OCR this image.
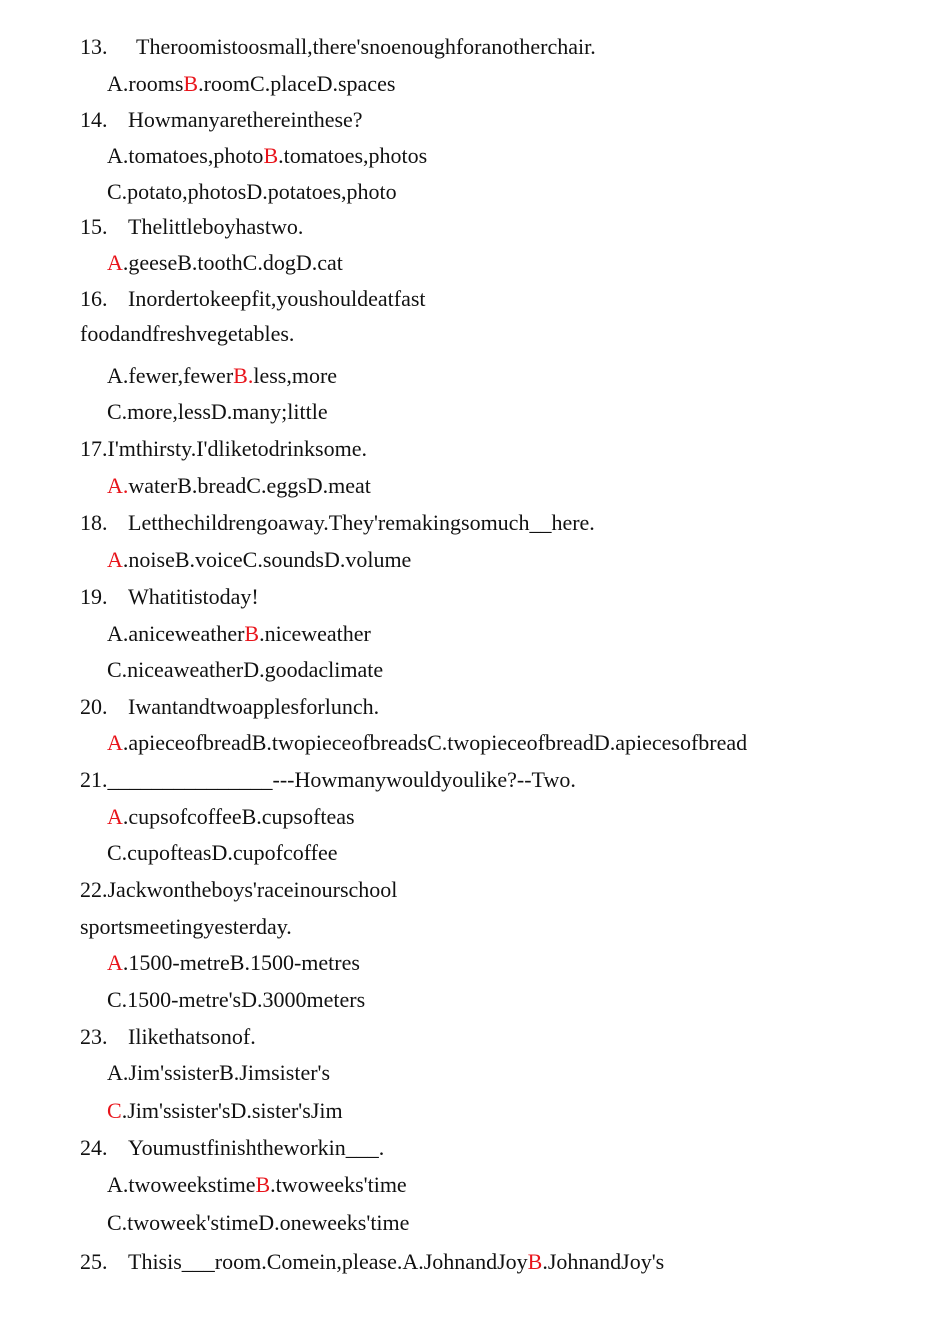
13. Theroomistoosmall,there'snoenoughforanotherchair.
A.roomsB.roomC.placeD.spaces
14. Howmanyarethereinthese?
A.tomatoes,photoB.tomatoes,photos
C.potato,photosD.potatoes,photo
15. Thelittleboyhastwo.
A.geeseB.toothC.dogD.cat
16. Inordertokeepfit,youshouldeatfast
foodandfreshvegetables.
A.fewer,fewerB.less,more
C.more,lessD.many;little
17.I'mthirsty.I'dliketodrinksome.
A.waterB.breadC.eggsD.meat
18. Letthechildrengoaway.They'remakingsomuch__here.
A.noiseB.voiceC.soundsD.volume
19. Whatitistoday!
A.aniceweatherB.niceweather
C.niceaweatherD.goodaclimate
20. Iwantandtwoapplesforlunch.
A.apieceofbreadB.twopieceofbreadsC.twopieceofbreadD.apiecesofbread
21._______________---Howmanywouldyoulike?--Two.
A.cupsofcoffeeB.cupsofteas
C.cupofteasD.cupofcoffee
22.Jackwontheboys'raceinourschool
sportsmeetingyesterday.
A.1500-metreB.1500-metres
C.1500-metre'sD.3000meters
23. Ilikethatsonof.
A.Jim'ssisterB.Jimsister's
C.Jim'ssister'sD.sister'sJim
24. Youmustfinishtheworkin___.
A.twoweekstimeB.twoweeks'time
C.twoweek'stimeD.oneweeks'time
25. Thisis___room.Comein,please.A.JohnandJoyB.JohnandJoy's
